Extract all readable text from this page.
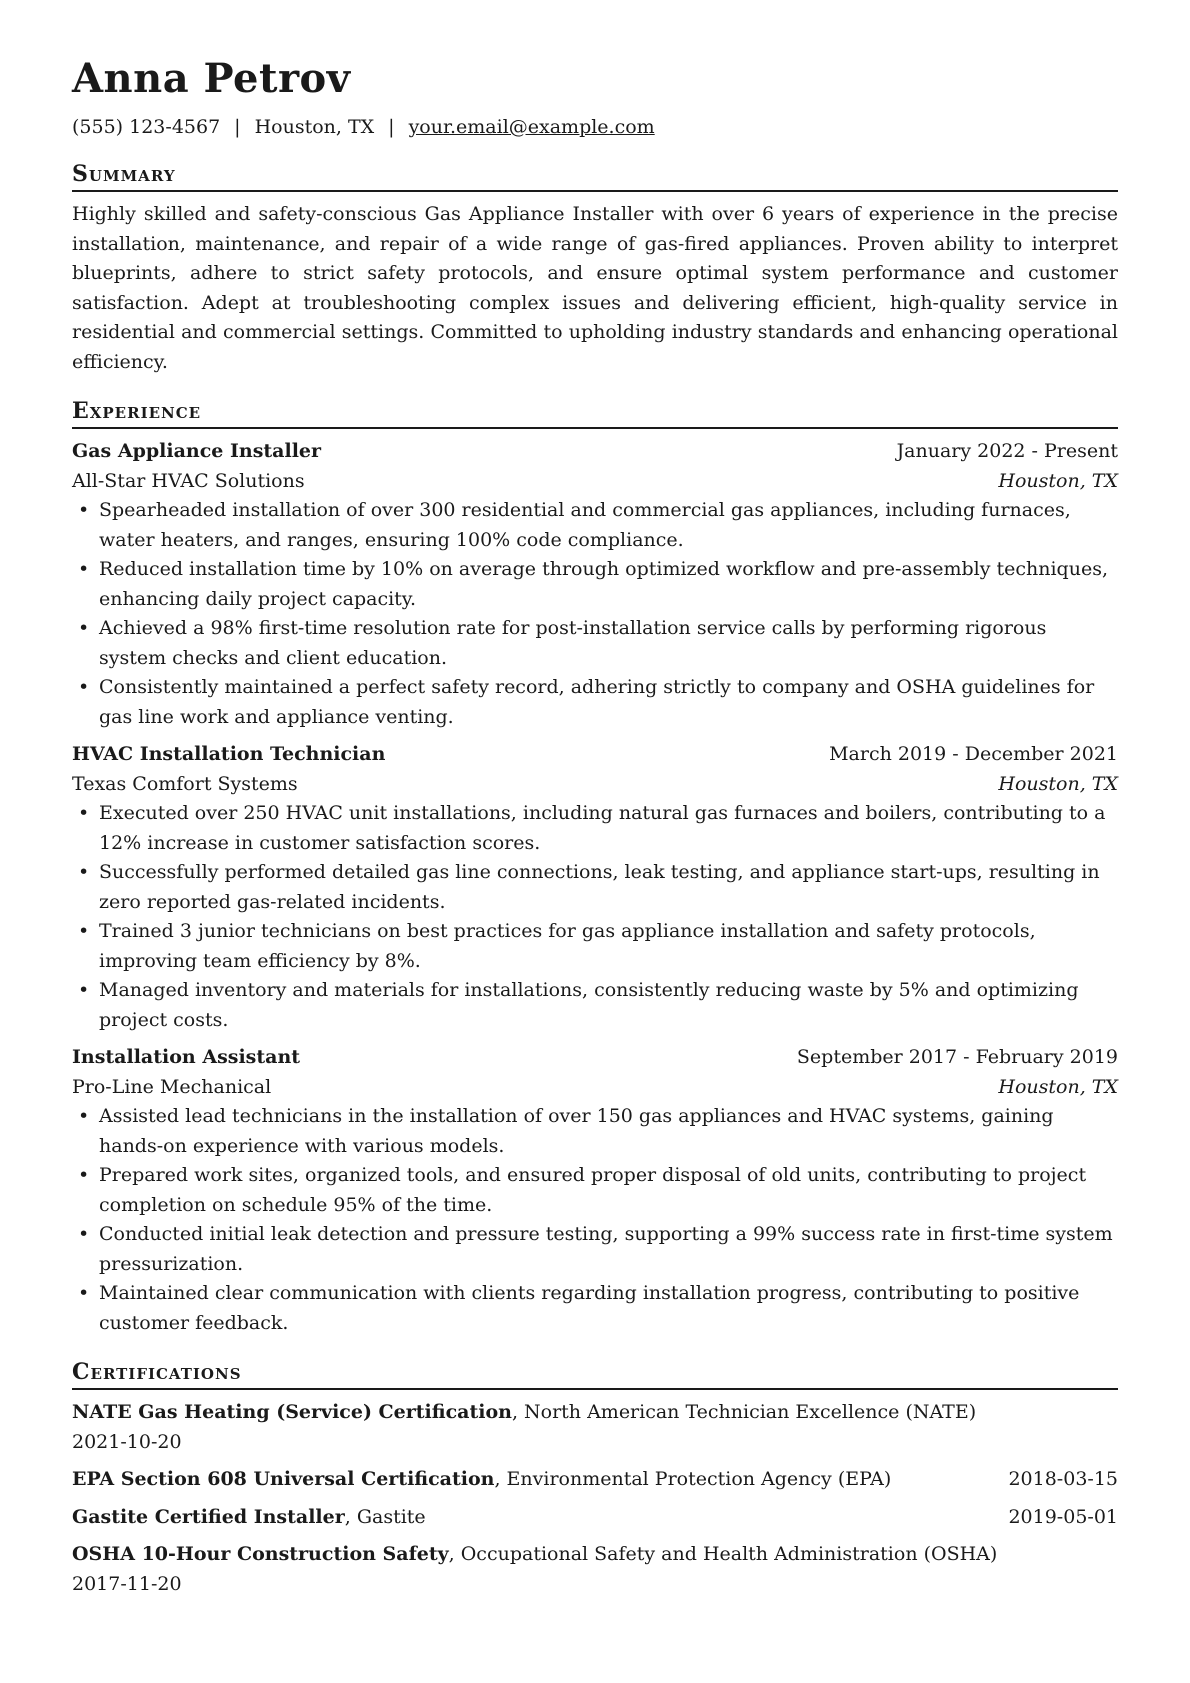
Anna Petrov
(555) 123-4567 | Houston, TX | your.email@example.com
Summary

Highly skilled and safety-conscious Gas Appliance Installer with over 6 years of experience in the precise installation, maintenance, and repair of a wide range of gas-fired appliances. Proven ability to interpret blueprints, adhere to strict safety protocols, and ensure optimal system performance and customer satisfaction. Adept at troubleshooting complex issues and delivering efficient, high-quality service in residential and commercial settings. Committed to upholding industry standards and enhancing operational efficiency.

Experience
Gas Appliance Installer	January 2022 - Present
All-Star HVAC Solutions	Houston, TX
• Spearheaded installation of over 300 residential and commercial gas appliances, including furnaces, water heaters, and ranges, ensuring 100% code compliance.
• Reduced installation time by 10% on average through optimized workflow and pre-assembly techniques, enhancing daily project capacity.
• Achieved a 98% first-time resolution rate for post-installation service calls by performing rigorous system checks and client education.
• Consistently maintained a perfect safety record, adhering strictly to company and OSHA guidelines for gas line work and appliance venting.
HVAC Installation Technician	March 2019 - December 2021
Texas Comfort Systems	Houston, TX
• Executed over 250 HVAC unit installations, including natural gas furnaces and boilers, contributing to a 12% increase in customer satisfaction scores.
• Successfully performed detailed gas line connections, leak testing, and appliance start-ups, resulting in zero reported gas-related incidents.
• Trained 3 junior technicians on best practices for gas appliance installation and safety protocols, improving team efficiency by 8%.
• Managed inventory and materials for installations, consistently reducing waste by 5% and optimizing project costs.
Installation Assistant	September 2017 - February 2019
Pro-Line Mechanical	Houston, TX
• Assisted lead technicians in the installation of over 150 gas appliances and HVAC systems, gaining hands-on experience with various models.
• Prepared work sites, organized tools, and ensured proper disposal of old units, contributing to project completion on schedule 95% of the time.
• Conducted initial leak detection and pressure testing, supporting a 99% success rate in first-time system pressurization.
• Maintained clear communication with clients regarding installation progress, contributing to positive customer feedback.
Certifications
NATE Gas Heating (Service) Certification, North American Technician Excellence (NATE)
2021-10-20
EPA Section 608 Universal Certification, Environmental Protection Agency (EPA)	2018-03-15
Gastite Certified Installer, Gastite	2019-05-01
OSHA 10-Hour Construction Safety, Occupational Safety and Health Administration (OSHA)
2017-11-20
